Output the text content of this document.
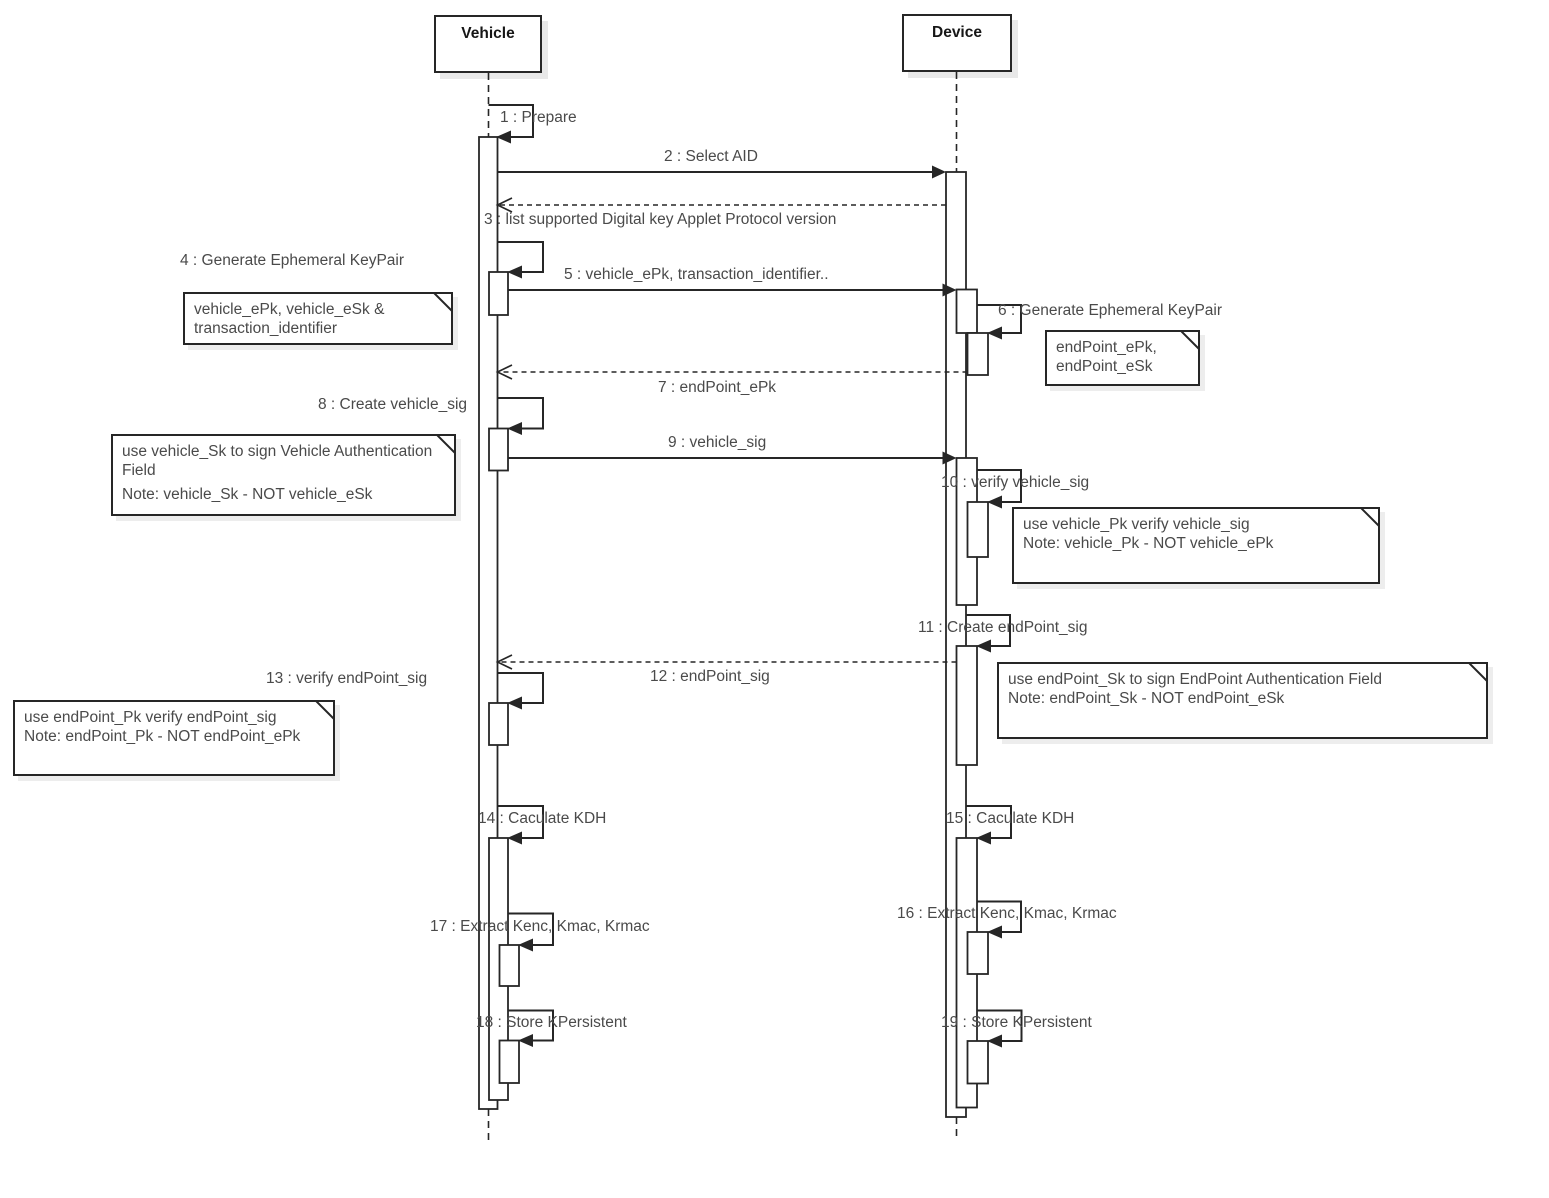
Vehicle	Device
1 : Prepare
2 : Select AID
3 : list supported Digital key Applet Protocol version
4 : Generate Ephemeral KeyPair
5 : vehicle_ePk, transaction_identifier..
6 : Generate Ephemeral KeyPair
7 : endPoint_ePk
8 : Create vehicle_sig
9 : vehicle_sig
10 : verify vehicle_sig
11 : Create endPoint_sig
12 : endPoint_sig
13 : verify endPoint_sig
14 : Caculate KDH	15 : Caculate KDH
16 : Extract Kenc, Kmac, Krmac
17 : Extract Kenc, Kmac, Krmac
18 : Store KPersistent	19 : Store KPersistent
vehicle_ePk, vehicle_eSk &
transaction_identifier
endPoint_ePk,
endPoint_eSk
use vehicle_Sk to sign Vehicle Authentication Field
Note: vehicle_Sk - NOT vehicle_eSk
use vehicle_Pk verify vehicle_sig
Note: vehicle_Pk - NOT vehicle_ePk
use endPoint_Sk to sign EndPoint Authentication Field
Note: endPoint_Sk - NOT endPoint_eSk
use endPoint_Pk verify endPoint_sig
Note: endPoint_Pk - NOT endPoint_ePk
